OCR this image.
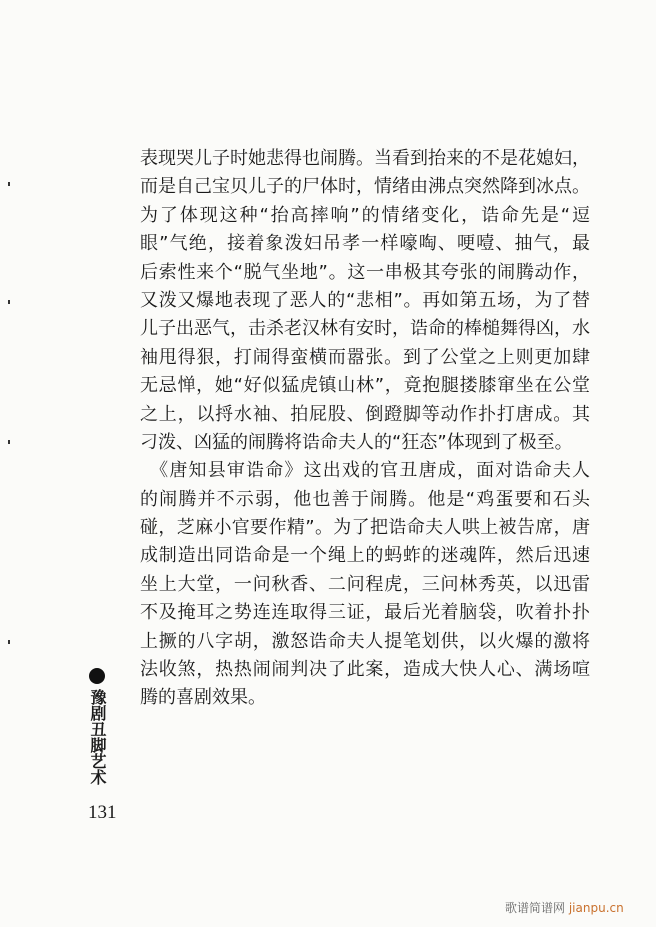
表现哭儿子时她悲得也闹腾。当看到抬来的不是花媳妇，
而是自己宝贝儿子的尸体时，情绪由沸点突然降到冰点。
为了体现这种“抬高摔响”的情绪变化，诰命先是“逗
眼”气绝，接着象泼妇吊孝一样嚎啕、哽噎、抽气，最
后索性来个“脱气坐地”。这一串极其夸张的闹腾动作，
又泼又爆地表现了恶人的“悲相”。再如第五场，为了替
儿子出恶气，击杀老汉林有安时，诰命的棒槌舞得凶，水
袖甩得狠，打闹得蛮横而嚣张。到了公堂之上则更加肆
无忌惮，她“好似猛虎镇山林”，竟抱腿搂膝窜坐在公堂
之上，以捋水袖、拍屁股、倒蹬脚等动作扑打唐成。其
刁泼、凶猛的闹腾将诰命夫人的“狂态”体现到了极至。
　《唐知县审诰命》这出戏的官丑唐成，面对诰命夫人
的闹腾并不示弱，他也善于闹腾。他是“鸡蛋要和石头
碰，芝麻小官要作精”。为了把诰命夫人哄上被告席，唐
成制造出同诰命是一个绳上的蚂蚱的迷魂阵，然后迅速
坐上大堂，一问秋香、二问程虎，三问林秀英，以迅雷
不及掩耳之势连连取得三证，最后光着脑袋，吹着扑扑
上撅的八字胡，激怒诰命夫人提笔划供，以火爆的激将
法收煞，热热闹闹判决了此案，造成大快人心、满场喧
腾的喜剧效果。
豫剧丑脚艺术
131
歌谱简谱网 jianpu.cn
